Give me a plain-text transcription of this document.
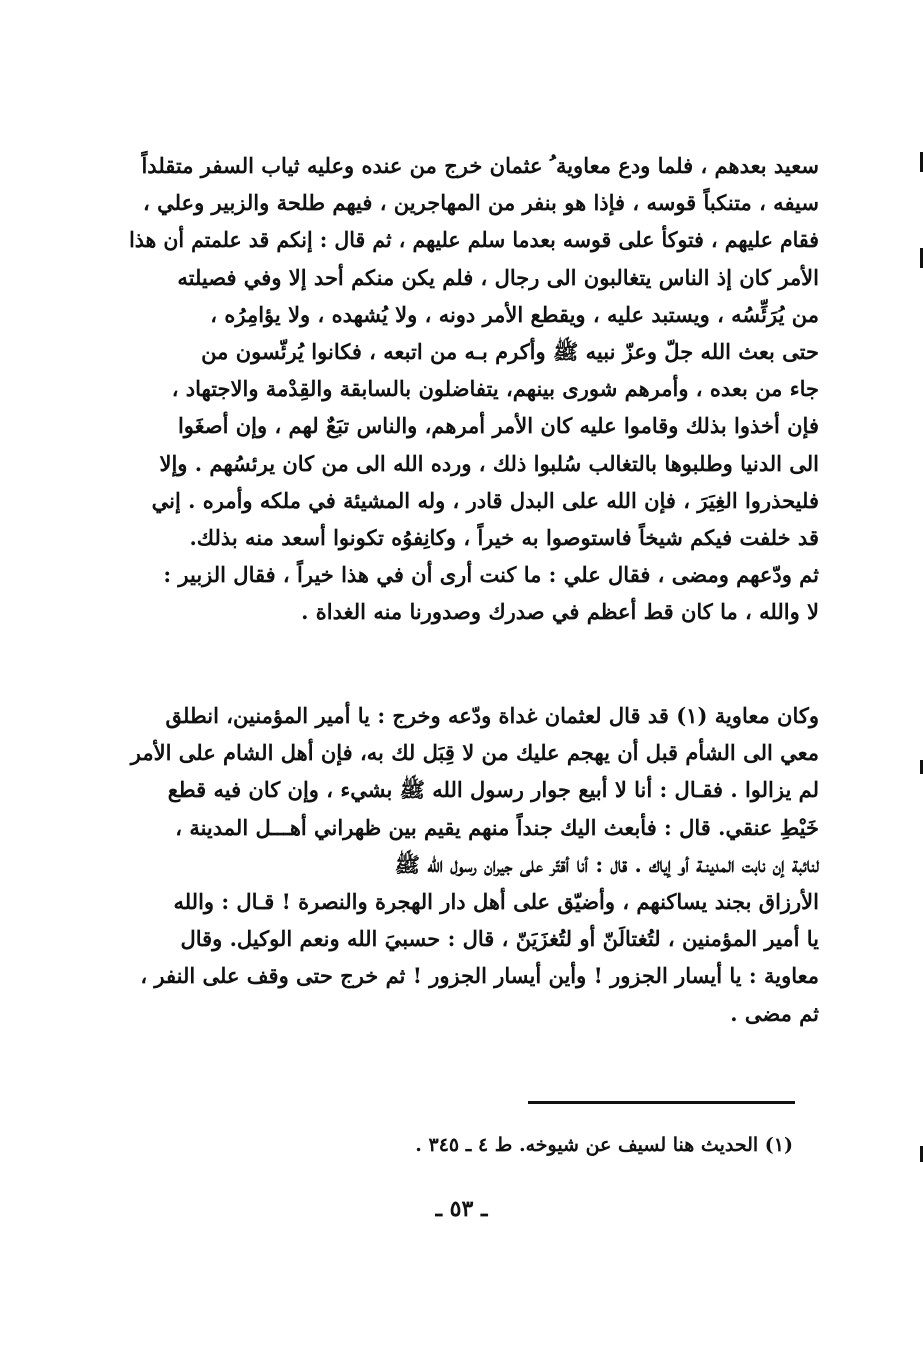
سعيد بعدهم ، فلما ودع معاوية ُ عثمان خرج من عنده وعليه ثياب السفر متقلداً
سيفه ، متنكباً قوسه ، فإذا هو بنفر من المهاجرين ، فيهم طلحة والزبير وعلي ،
فقام عليهم ، فتوكأ على قوسه بعدما سلم عليهم ، ثم قال : إنكم قد علمتم أن هذا
الأمر كان إذ الناس يتغالبون الى رجال ، فلم يكن منكم أحد إلا وفي فصيلته
من يُرَئِّسُه ، ويستبد عليه ، ويقطع الأمر دونه ، ولا يُشهده ، ولا يؤامِرُه ،
حتى بعث الله جلّ وعزّ نبيه ﷺ وأكرم بـه من اتبعه ، فكانوا يُرئّسون من
جاء من بعده ، وأمرهم شورى بينهم، يتفاضلون بالسابقة والقِدْمة والاجتهاد ،
فإن أخذوا بذلك وقاموا عليه كان الأمر أمرهم، والناس تبَعٌ لهم ، وإن أصغَوا
الى الدنيا وطلبوها بالتغالب سُلبوا ذلك ، ورده الله الى من كان يرئسُهم . وإلا
فليحذروا الغِيَرَ ، فإن الله على البدل قادر ، وله المشيئة في ملكه وأمره . إني
قد خلفت فيكم شيخاً فاستوصوا به خيراً ، وكانِفوُه تكونوا أسعد منه بذلك.
ثم ودّعهم ومضى ، فقال علي : ما كنت أرى أن في هذا خيراً ، فقال الزبير :
لا والله ، ما كان قط أعظم في صدرك وصدورنا منه الغداة .
وكان معاوية (١) قد قال لعثمان غداة ودّعه وخرج : يا أمير المؤمنين، انطلق
معي الى الشأم قبل أن يهجم عليك من لا قِبَل لك به، فإن أهل الشام على الأمر
لم يزالوا . فقـال : أنا لا أبيع جوار رسول الله ﷺ بشيء ، وإن كان فيه قطع
خَيْطِ عنقي. قال : فأبعث اليك جنداً منهم يقيم بين ظهراني أهـــل المدينة ،
لنائبة إن نابت المدينـة أو إياك . قال : أنا أقتّر على جيران رسول الله ﷺ
الأرزاق بجند يساكنهم ، وأضيّق على أهل دار الهجرة والنصرة ! قـال : والله
يا أمير المؤمنين ، لتُغتالَنّ أو لتُغزَيَنّ ، قال : حسبيَ الله ونعم الوكيل. وقال
معاوية : يا أيسار الجزور ! وأين أيسار الجزور ! ثم خرج حتى وقف على النفر ،
ثم مضى .
(١) الحديث هنا لسيف عن شيوخه. ط ٤ ـ ٣٤٥ .
ـ ٥٣ ـ
